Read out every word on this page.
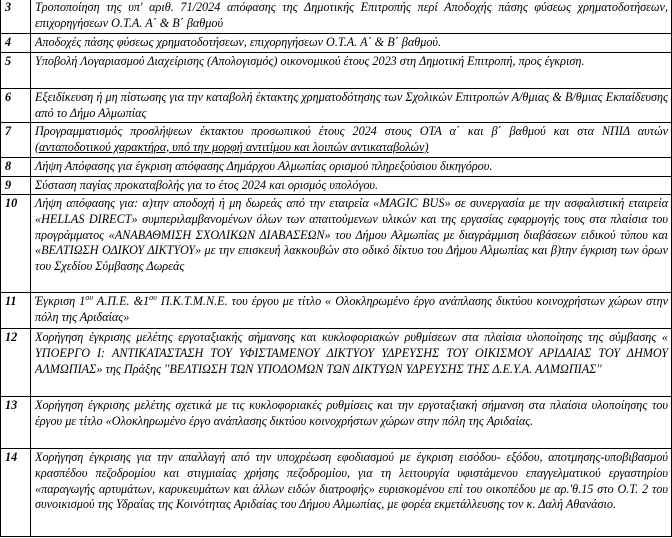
3	Τροποποίηση της υπ' αριθ. 71/2024 απόφασης της Δημοτικής Επιτροπής περί Αποδοχής πάσης φύσεως χρηματοδοτήσεων, επιχορηγήσεων Ο.Τ.Α. Α΄ & Β΄ βαθμού
4	Αποδοχές πάσης φύσεως χρηματοδοτήσεων, επιχορηγήσεων Ο.Τ.Α. Α΄ & Β΄ βαθμού.
5	Υποβολή Λογαριασμού Διαχείρισης (Απολογισμός) οικονομικού έτους 2023 στη Δημοτική Επιτροπή, προς έγκριση.
6	Εξειδίκευση ή μη πίστωσης για την καταβολή έκτακτης χρηματοδότησης των Σχολικών Επιτροπών Α/θμιας & Β/θμιας Εκπαίδευσης από το Δήμο Αλμωπίας
7	Προγραμματισμός προσλήψεων έκτακτου προσωπικού έτους 2024 στους ΟΤΑ α΄ και β΄ βαθμού και στα ΝΠΙΔ αυτών (ανταποδοτικού χαρακτήρα, υπό την μορφή αντιτίμου και λοιπών αντικαταβολών)
8	Λήψη Απόφασης για έγκριση απόφασης Δημάρχου Αλμωπίας ορισμού πληρεξούσιου δικηγόρου.
9	Σύσταση παγίας προκαταβολής για το έτος 2024 και ορισμός υπολόγου.
10	Λήψη απόφασης για: α)την αποδοχή ή μη δωρεάς από την εταιρεία «MAGIC BUS» σε συνεργασία με την ασφαλιστική εταιρεία «HELLAS DIRECT» συμπεριλαμβανομένων όλων των απαιτούμενων υλικών και της εργασίας εφαρμογής τους στα πλαίσια του προγράμματος «ΑΝΑΒΑΘΜΙΣΗ ΣΧΟΛΙΚΩΝ ΔΙΑΒΑΣΕΩΝ» του Δήμου Αλμωπίας με διαγράμμιση διαβάσεων ειδικού τύπου και «ΒΕΛΤΙΩΣΗ ΟΔΙΚΟΥ ΔΙΚΤΥΟΥ» με την επισκευή λακκουβών στο οδικό δίκτυο του Δήμου Αλμωπίας και β)την έγκριση των όρων του Σχεδίου Σύμβασης Δωρεάς
11	Έγκριση $1^{o\upsilon}$ Α.Π.Ε. $\&1^{o\upsilon}$ Π.Κ.Τ.Μ.Ν.Ε. του έργου με τίτλο « Ολοκληρωμένο έργο ανάπλασης δικτύου κοινοχρήστων χώρων στην πόλη της Αριδαίας»
12	Χορήγηση έγκρισης μελέτης εργοταξιακής σήμανσης και κυκλοφοριακών ρυθμίσεων στα πλαίσια υλοποίησης της σύμβασης « ΥΠΟΕΡΓΟ Ι: ΑΝΤΙΚΑΤΑΣΤΑΣΗ ΤΟΥ ΥΦΙΣΤΑΜΕΝΟΥ ΔΙΚΤΥΟΥ ΥΔΡΕΥΣΗΣ ΤΟΥ ΟΙΚΙΣΜΟΥ ΑΡΙΔΑΙΑΣ ΤΟΥ ΔΗΜΟΥ ΑΛΜΩΠΙΑΣ» της Πράξης ''ΒΕΛΤΙΩΣΗ ΤΩΝ ΥΠΟΔΟΜΩΝ ΤΩΝ ΔΙΚΤΥΩΝ ΥΔΡΕΥΣΗΣ ΤΗΣ Δ.Ε.Υ.Α. ΑΛΜΩΠΙΑΣ''
13	Χορήγηση έγκρισης μελέτης σχετικά με τις κυκλοφοριακές ρυθμίσεις και την εργοταξιακή σήμανση στα πλαίσια υλοποίησης του έργου με τίτλο «Ολοκληρωμένο έργο ανάπλασης δικτύου κοινοχρήστων χώρων στην πόλη της Αριδαίας.
14	Χορήγηση έγκρισης για την απαλλαγή από την υποχρέωση εφοδιασμού με έγκριση εισόδου- εξόδου, αποτμησης-υποβιβασμού κρασπέδου πεζοδρομίου και στιγμιαίας χρήσης πεζοδρομίου, για τη λειτουργία υφιστάμενου επαγγελματικού εργαστηρίου «παραγωγής αρτυμάτων, καρυκευμάτων και άλλων ειδών διατροφής» ευρισκομένου επί του οικοπέδου με αρ.'θ.15 στο Ο.Τ. 2 του συνοικισμού της Υδραίας της Κοινότητας Αριδαίας του Δήμου Αλμωπίας, με φορέα εκμετάλλευσης τον κ. Δαλή Αθανάσιο.
